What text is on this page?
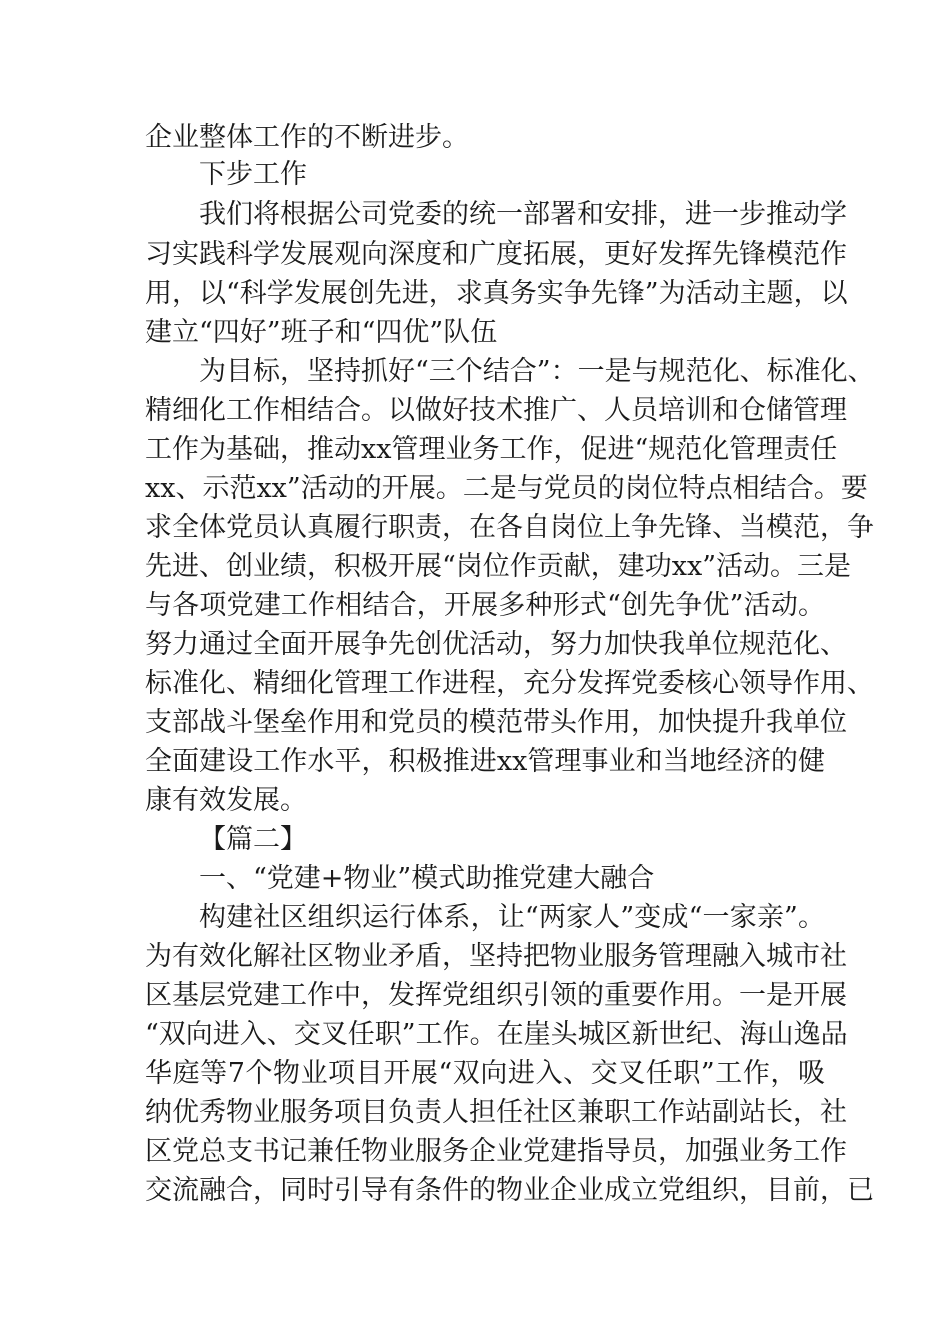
企业整体工作的不断进步。
下步工作
我们将根据公司党委的统一部署和安排，进一步推动学
习实践科学发展观向深度和广度拓展，更好发挥先锋模范作
用，以“科学发展创先进，求真务实争先锋”为活动主题，以
建立“四好”班子和“四优”队伍
为目标，坚持抓好“三个结合”：一是与规范化、标准化、
精细化工作相结合。以做好技术推广、人员培训和仓储管理
工作为基础，推动xx管理业务工作，促进“规范化管理责任
xx、示范xx”活动的开展。二是与党员的岗位特点相结合。要
求全体党员认真履行职责，在各自岗位上争先锋、当模范，争
先进、创业绩，积极开展“岗位作贡献，建功xx”活动。三是
与各项党建工作相结合，开展多种形式“创先争优”活动。
努力通过全面开展争先创优活动，努力加快我单位规范化、
标准化、精细化管理工作进程，充分发挥党委核心领导作用、
支部战斗堡垒作用和党员的模范带头作用，加快提升我单位
全面建设工作水平，积极推进xx管理事业和当地经济的健
康有效发展。
【篇二】
一、“党建+物业”模式助推党建大融合
构建社区组织运行体系，让“两家人”变成“一家亲”。
为有效化解社区物业矛盾，坚持把物业服务管理融入城市社
区基层党建工作中，发挥党组织引领的重要作用。一是开展
“双向进入、交叉任职”工作。在崖头城区新世纪、海山逸品
华庭等7个物业项目开展“双向进入、交叉任职”工作，吸
纳优秀物业服务项目负责人担任社区兼职工作站副站长，社
区党总支书记兼任物业服务企业党建指导员，加强业务工作
交流融合，同时引导有条件的物业企业成立党组织，目前，已
